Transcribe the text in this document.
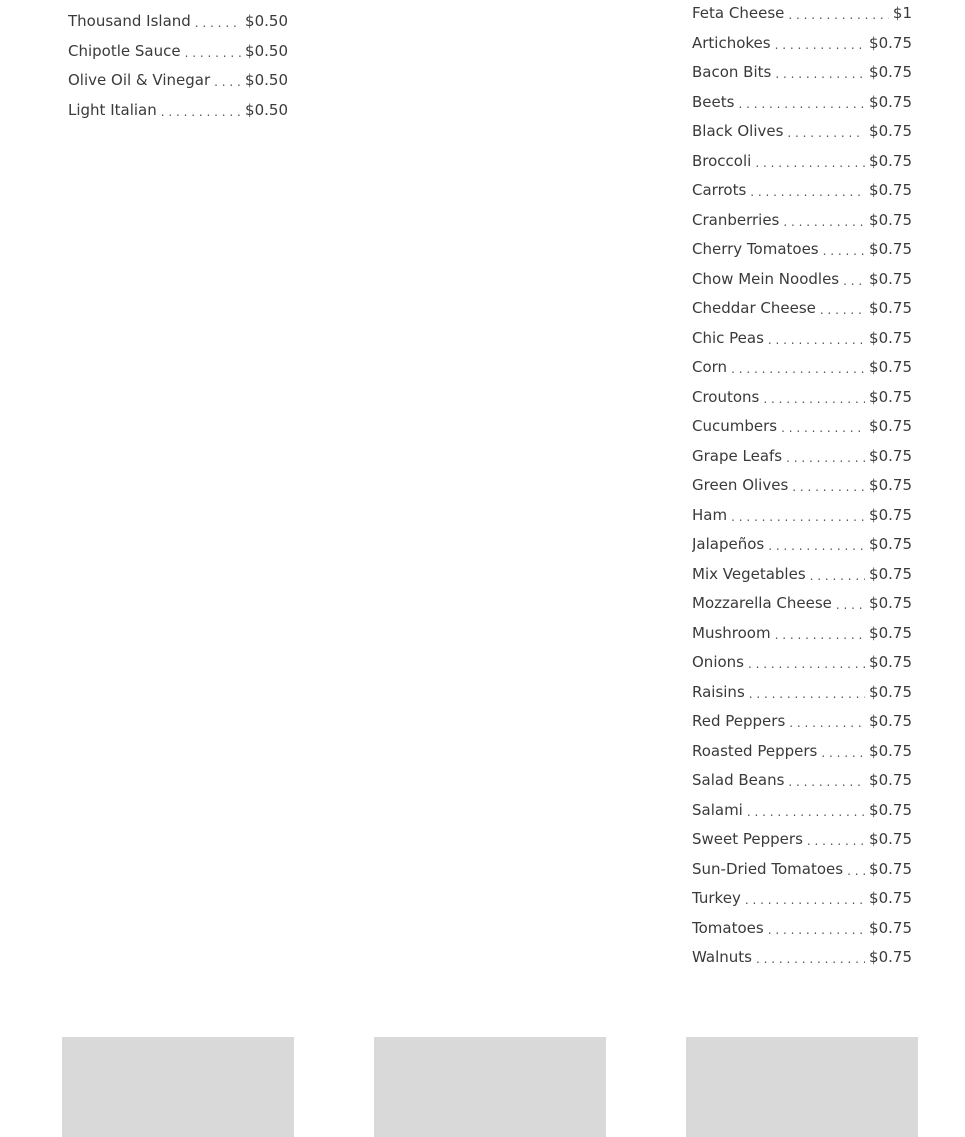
Thousand Island . . .	$0.50
Chipotle Sauce . . .	$0.50
Olive Oil & Vinegar . . . $0.50
Light Italian . . .	$0.50
Feta Cheese . . .	$1
Artichokes . . .	$0.75
Bacon Bits . . .	$0.75
Beets . . .	$0.75
Black Olives . . .	$0.75
Broccoli . . .	$0.75
Carrots . . .	$0.75
Cranberries . . .	$0.75
Cherry Tomatoes . . .	$0.75
Chow Mein Noodles . . . $0.75
Cheddar Cheese . . .	$0.75
Chic Peas . . .	$0.75
Corn . . .	$0.75
Croutons . . .	$0.75
Cucumbers . . .	$0.75
Grape Leafs . . .	$0.75
Green Olives . . .	$0.75
Ham . . .	$0.75
Jalapeños . . .	$0.75
Mix Vegetables . . .	$0.75
Mozzarella Cheese . . . $0.75
Mushroom . . .	$0.75
Onions . . .	$0.75
Raisins . . .	$0.75
Red Peppers . . .	$0.75
Roasted Peppers . . .	$0.75
Salad Beans . . .	$0.75
Salami . . .	$0.75
Sweet Peppers . . .	$0.75
Sun-Dried Tomatoes . . . $0.75
Turkey . . .	$0.75
Tomatoes . . .	$0.75
Walnuts . . .	$0.75
